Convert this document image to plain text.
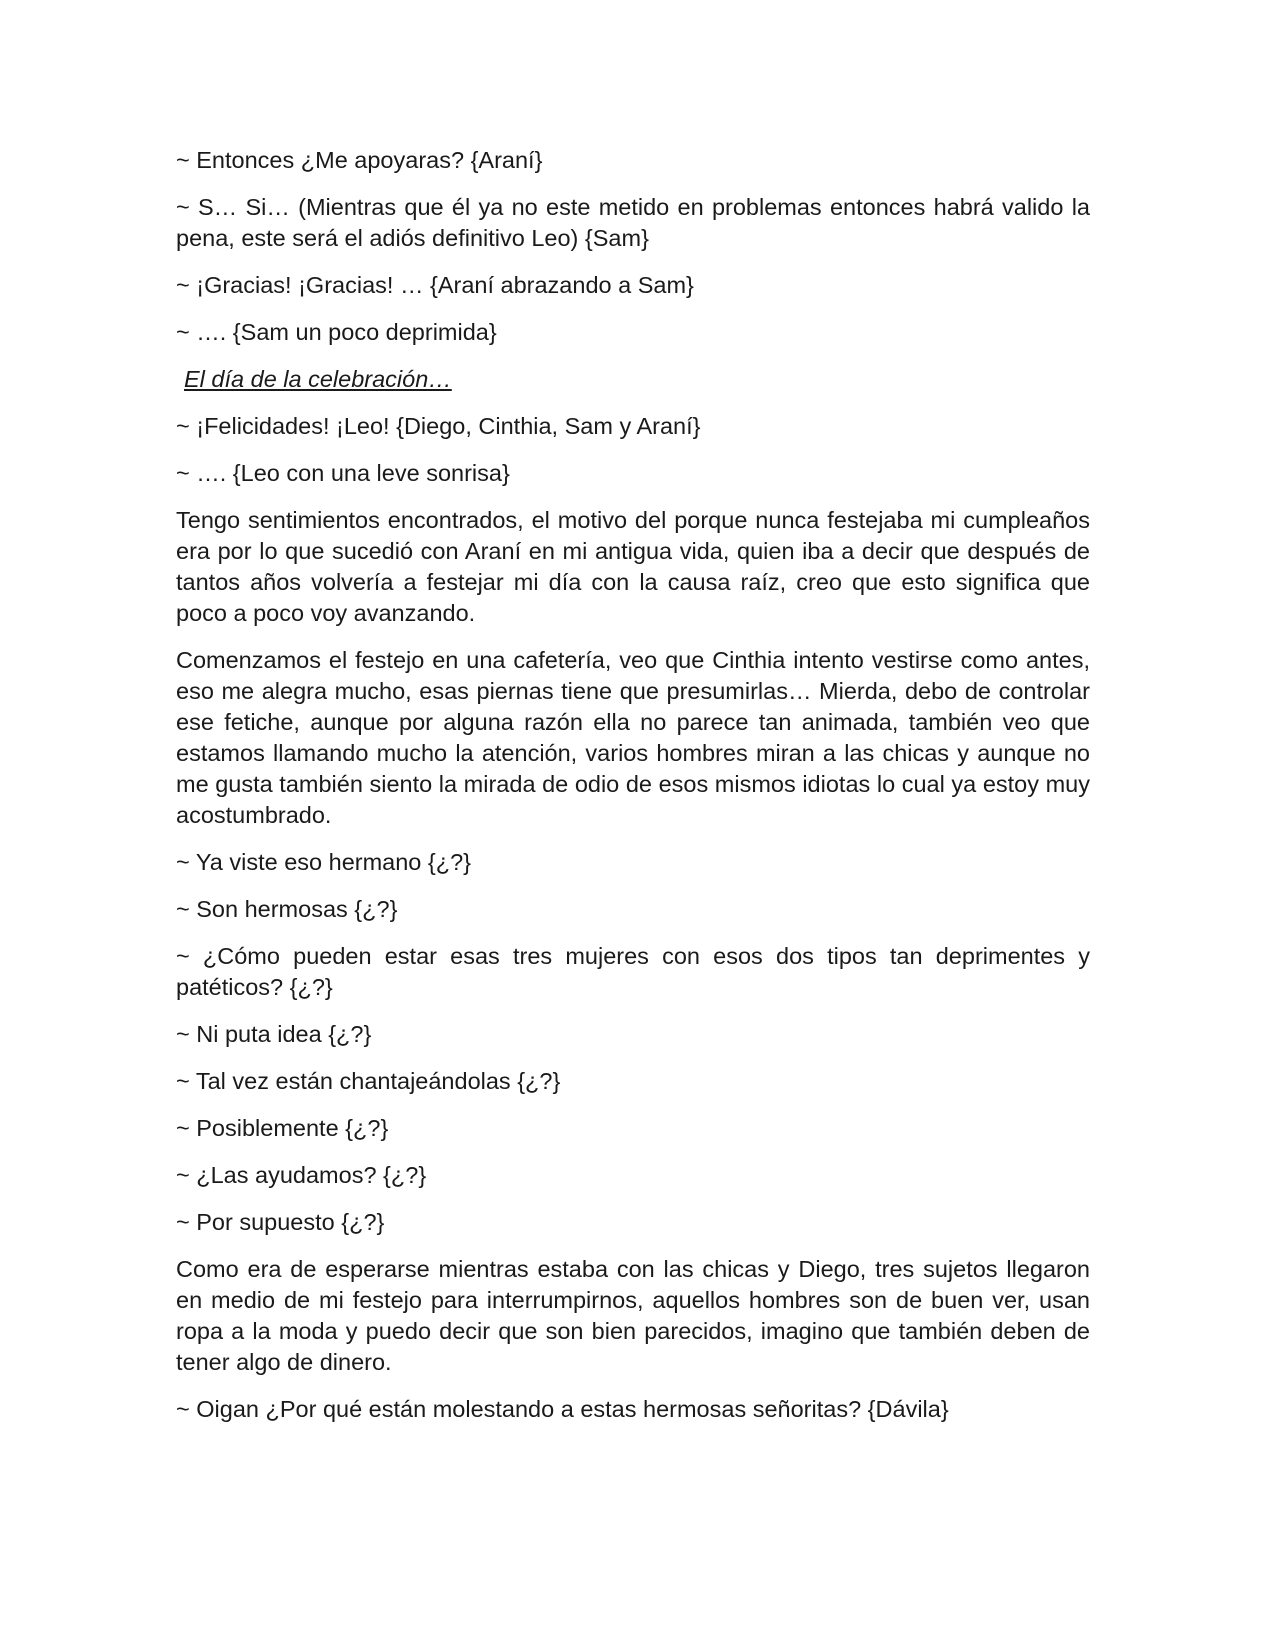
~ Entonces ¿Me apoyaras? {Araní}

~ S… Si… (Mientras que él ya no este metido en problemas entonces habrá valido la pena, este será el adiós definitivo Leo) {Sam}

~ ¡Gracias! ¡Gracias! … {Araní abrazando a Sam}

~ …. {Sam un poco deprimida}

El día de la celebración…

~ ¡Felicidades! ¡Leo! {Diego, Cinthia, Sam y Araní}

~ …. {Leo con una leve sonrisa}

Tengo sentimientos encontrados, el motivo del porque nunca festejaba mi cumpleaños era por lo que sucedió con Araní en mi antigua vida, quien iba a decir que después de tantos años volvería a festejar mi día con la causa raíz, creo que esto significa que poco a poco voy avanzando.

Comenzamos el festejo en una cafetería, veo que Cinthia intento vestirse como antes, eso me alegra mucho, esas piernas tiene que presumirlas… Mierda, debo de controlar ese fetiche, aunque por alguna razón ella no parece tan animada, también veo que estamos llamando mucho la atención, varios hombres miran a las chicas y aunque no me gusta también siento la mirada de odio de esos mismos idiotas lo cual ya estoy muy acostumbrado.

~ Ya viste eso hermano {¿?}

~ Son hermosas {¿?}

~ ¿Cómo pueden estar esas tres mujeres con esos dos tipos tan deprimentes y patéticos? {¿?}

~ Ni puta idea {¿?}

~ Tal vez están chantajeándolas {¿?}

~ Posiblemente {¿?}

~ ¿Las ayudamos? {¿?}

~ Por supuesto {¿?}

Como era de esperarse mientras estaba con las chicas y Diego, tres sujetos llegaron en medio de mi festejo para interrumpirnos, aquellos hombres son de buen ver, usan ropa a la moda y puedo decir que son bien parecidos, imagino que también deben de tener algo de dinero.

~ Oigan ¿Por qué están molestando a estas hermosas señoritas? {Dávila}
